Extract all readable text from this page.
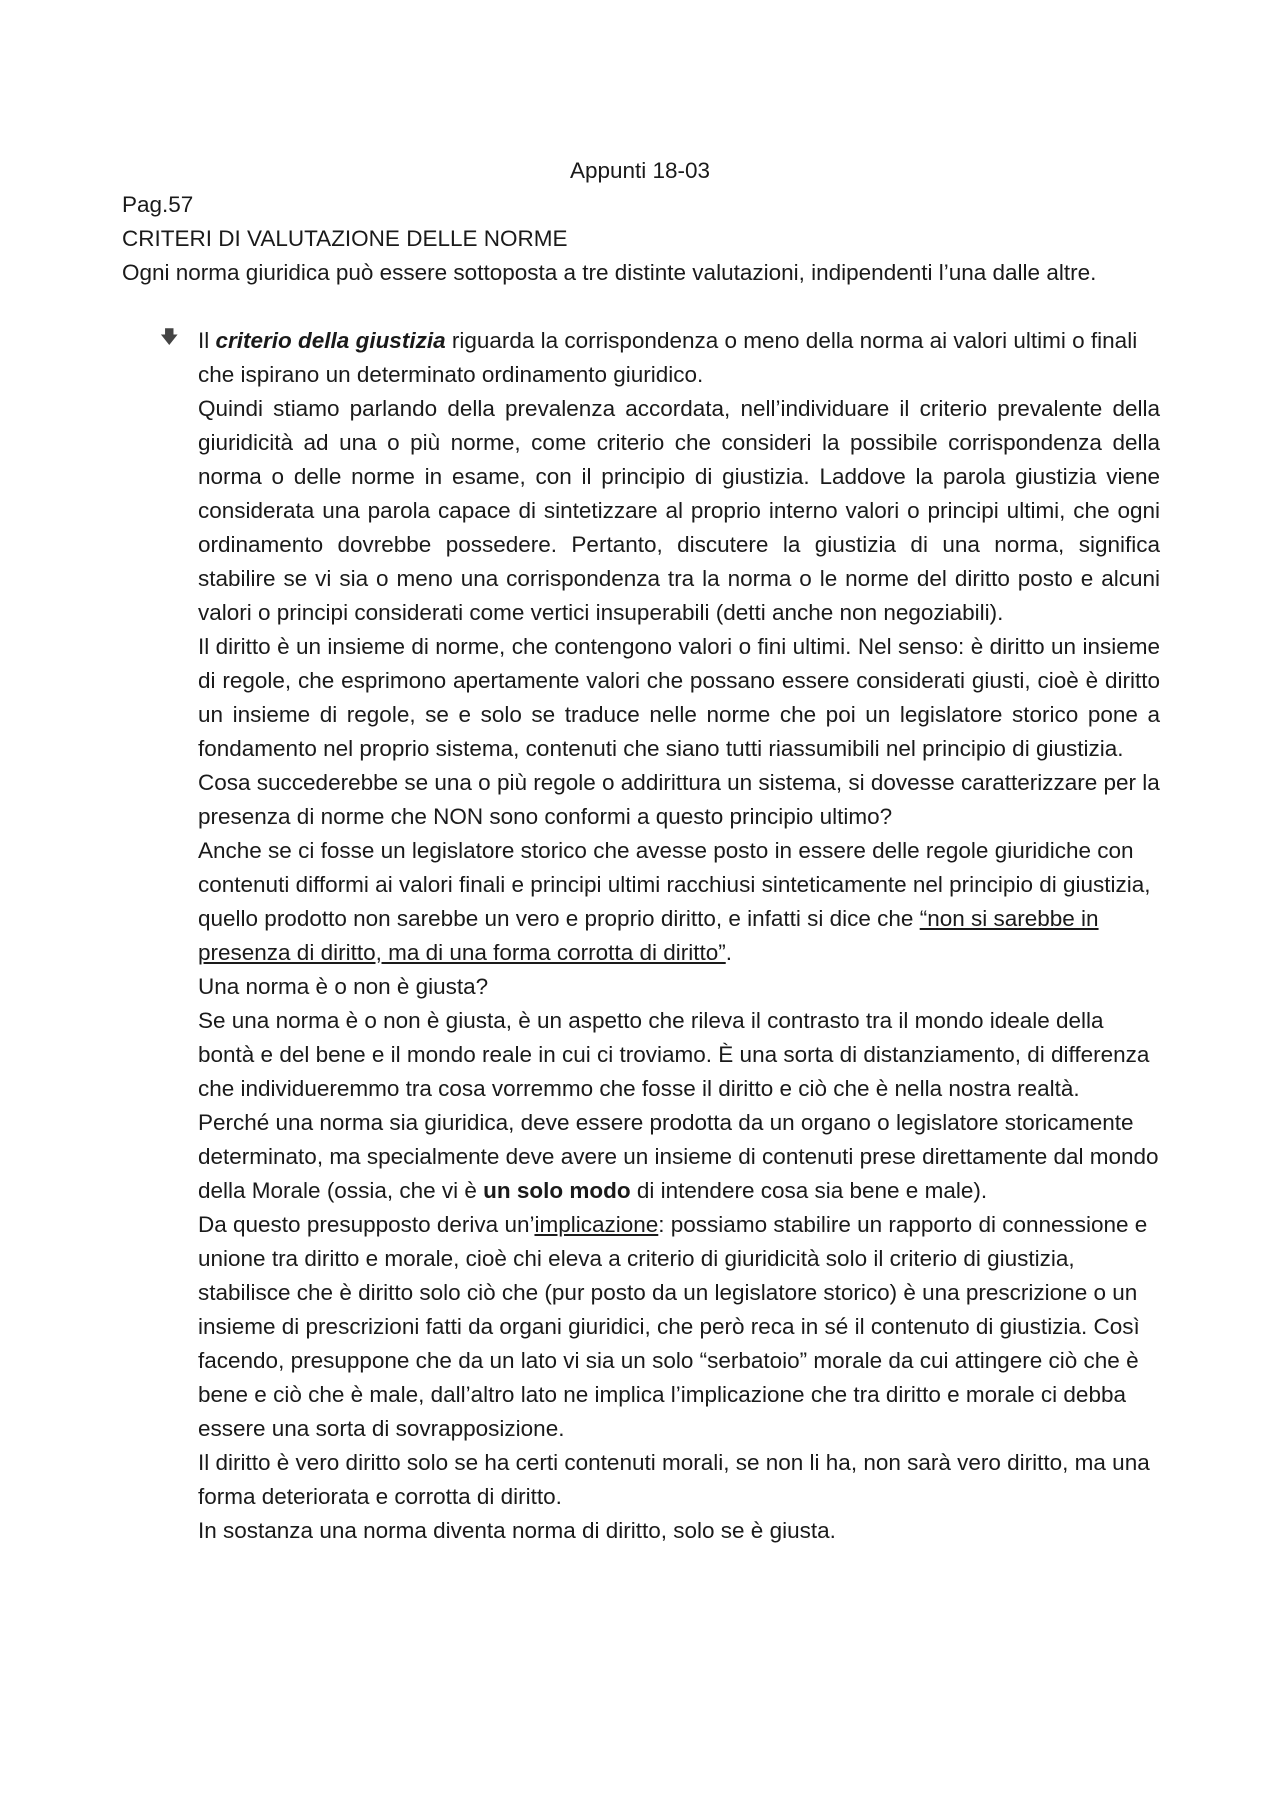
Appunti 18-03
Pag.57
CRITERI DI VALUTAZIONE DELLE NORME
Ogni norma giuridica può essere sottoposta a tre distinte valutazioni, indipendenti l’una dalle altre.
🡇 Il criterio della giustizia riguarda la corrispondenza o meno della norma ai valori ultimi o finali che ispirano un determinato ordinamento giuridico.

Quindi stiamo parlando della prevalenza accordata, nell’individuare il criterio prevalente della giuridicità ad una o più norme, come criterio che consideri la possibile corrispondenza della norma o delle norme in esame, con il principio di giustizia. Laddove la parola giustizia viene considerata una parola capace di sintetizzare al proprio interno valori o principi ultimi, che ogni ordinamento dovrebbe possedere. Pertanto, discutere la giustizia di una norma, significa stabilire se vi sia o meno una corrispondenza tra la norma o le norme del diritto posto e alcuni valori o principi considerati come vertici insuperabili (detti anche non negoziabili).

Il diritto è un insieme di norme, che contengono valori o fini ultimi. Nel senso: è diritto un insieme di regole, che esprimono apertamente valori che possano essere considerati giusti, cioè è diritto un insieme di regole, se e solo se traduce nelle norme che poi un legislatore storico pone a fondamento nel proprio sistema, contenuti che siano tutti riassumibili nel principio di giustizia.

Cosa succederebbe se una o più regole o addirittura un sistema, si dovesse caratterizzare per la presenza di norme che NON sono conformi a questo principio ultimo?

Anche se ci fosse un legislatore storico che avesse posto in essere delle regole giuridiche con contenuti difformi ai valori finali e principi ultimi racchiusi sinteticamente nel principio di giustizia, quello prodotto non sarebbe un vero e proprio diritto, e infatti si dice che “non si sarebbe in presenza di diritto, ma di una forma corrotta di diritto”.

Una norma è o non è giusta?

Se una norma è o non è giusta, è un aspetto che rileva il contrasto tra il mondo ideale della bontà e del bene e il mondo reale in cui ci troviamo. È una sorta di distanziamento, di differenza che individueremmo tra cosa vorremmo che fosse il diritto e ciò che è nella nostra realtà.

Perché una norma sia giuridica, deve essere prodotta da un organo o legislatore storicamente determinato, ma specialmente deve avere un insieme di contenuti prese direttamente dal mondo della Morale (ossia, che vi è un solo modo di intendere cosa sia bene e male).

Da questo presupposto deriva un’implicazione: possiamo stabilire un rapporto di connessione e unione tra diritto e morale, cioè chi eleva a criterio di giuridicità solo il criterio di giustizia, stabilisce che è diritto solo ciò che (pur posto da un legislatore storico) è una prescrizione o un insieme di prescrizioni fatti da organi giuridici, che però reca in sé il contenuto di giustizia. Così facendo, presuppone che da un lato vi sia un solo “serbatoio” morale da cui attingere ciò che è bene e ciò che è male, dall’altro lato ne implica l’implicazione che tra diritto e morale ci debba essere una sorta di sovrapposizione.

Il diritto è vero diritto solo se ha certi contenuti morali, se non li ha, non sarà vero diritto, ma una forma deteriorata e corrotta di diritto.

In sostanza una norma diventa norma di diritto, solo se è giusta.
